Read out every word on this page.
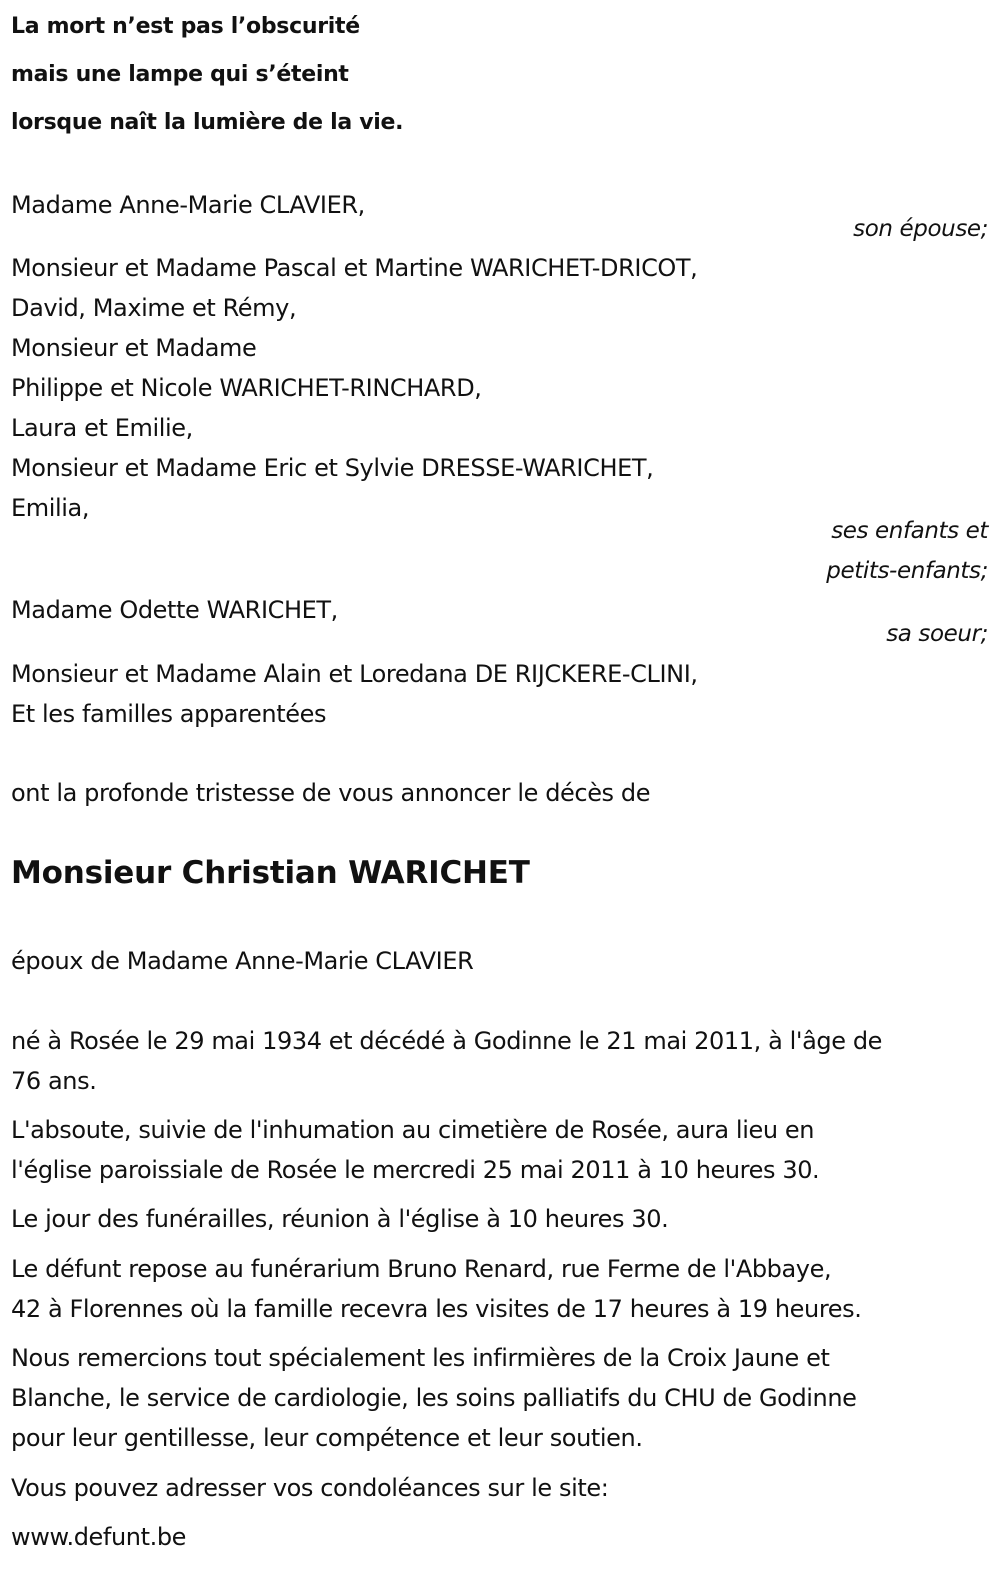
La mort n’est pas l’obscurité
mais une lampe qui s’éteint
lorsque naît la lumière de la vie.
Madame Anne-Marie CLAVIER,
son épouse;
Monsieur et Madame Pascal et Martine WARICHET-DRICOT,
David, Maxime et Rémy,
Monsieur et Madame
Philippe et Nicole WARICHET-RINCHARD,
Laura et Emilie,
Monsieur et Madame Eric et Sylvie DRESSE-WARICHET,
Emilia,
ses enfants et
petits-enfants;
Madame Odette WARICHET,
sa soeur;
Monsieur et Madame Alain et Loredana DE RIJCKERE-CLINI,
Et les familles apparentées
ont la profonde tristesse de vous annoncer le décès de
Monsieur Christian WARICHET
époux de Madame Anne-Marie CLAVIER
né à Rosée le 29 mai 1934 et décédé à Godinne le 21 mai 2011, à l'âge de
76 ans.
L'absoute, suivie de l'inhumation au cimetière de Rosée, aura lieu en
l'église paroissiale de Rosée le mercredi 25 mai 2011 à 10 heures 30.
Le jour des funérailles, réunion à l'église à 10 heures 30.
Le défunt repose au funérarium Bruno Renard, rue Ferme de l'Abbaye,
42 à Florennes où la famille recevra les visites de 17 heures à 19 heures.
Nous remercions tout spécialement les infirmières de la Croix Jaune et
Blanche, le service de cardiologie, les soins palliatifs du CHU de Godinne
pour leur gentillesse, leur compétence et leur soutien.
Vous pouvez adresser vos condoléances sur le site:
www.defunt.be
